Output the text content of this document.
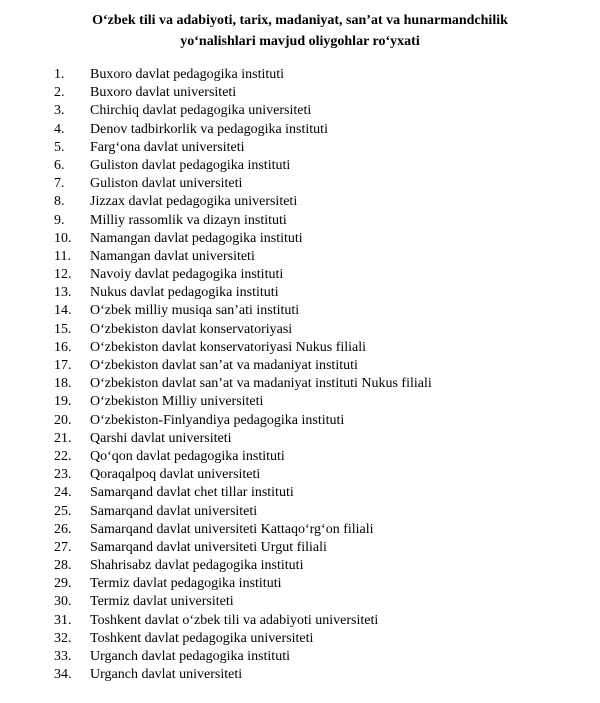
O‘zbek tili va adabiyoti, tarix, madaniyat, san’at va hunarmandchilik
yo‘nalishlari mavjud oliygohlar ro‘yxati
1. Buxoro davlat pedagogika instituti
2. Buxoro davlat universiteti
3. Chirchiq davlat pedagogika universiteti
4. Denov tadbirkorlik va pedagogika instituti
5. Farg‘ona davlat universiteti
6. Guliston davlat pedagogika instituti
7. Guliston davlat universiteti
8. Jizzax davlat pedagogika universiteti
9. Milliy rassomlik va dizayn instituti
10. Namangan davlat pedagogika instituti
11. Namangan davlat universiteti
12. Navoiy davlat pedagogika instituti
13. Nukus davlat pedagogika instituti
14. O‘zbek milliy musiqa san’ati instituti
15. O‘zbekiston davlat konservatoriyasi
16. O‘zbekiston davlat konservatoriyasi Nukus filiali
17. O‘zbekiston davlat san’at va madaniyat instituti
18. O‘zbekiston davlat san’at va madaniyat instituti Nukus filiali
19. O‘zbekiston Milliy universiteti
20. O‘zbekiston-Finlyandiya pedagogika instituti
21. Qarshi davlat universiteti
22. Qo‘qon davlat pedagogika instituti
23. Qoraqalpoq davlat universiteti
24. Samarqand davlat chet tillar instituti
25. Samarqand davlat universiteti
26. Samarqand davlat universiteti Kattaqo‘rg‘on filiali
27. Samarqand davlat universiteti Urgut filiali
28. Shahrisabz davlat pedagogika instituti
29. Termiz davlat pedagogika instituti
30. Termiz davlat universiteti
31. Toshkent davlat o‘zbek tili va adabiyoti universiteti
32. Toshkent davlat pedagogika universiteti
33. Urganch davlat pedagogika instituti
34. Urganch davlat universiteti
